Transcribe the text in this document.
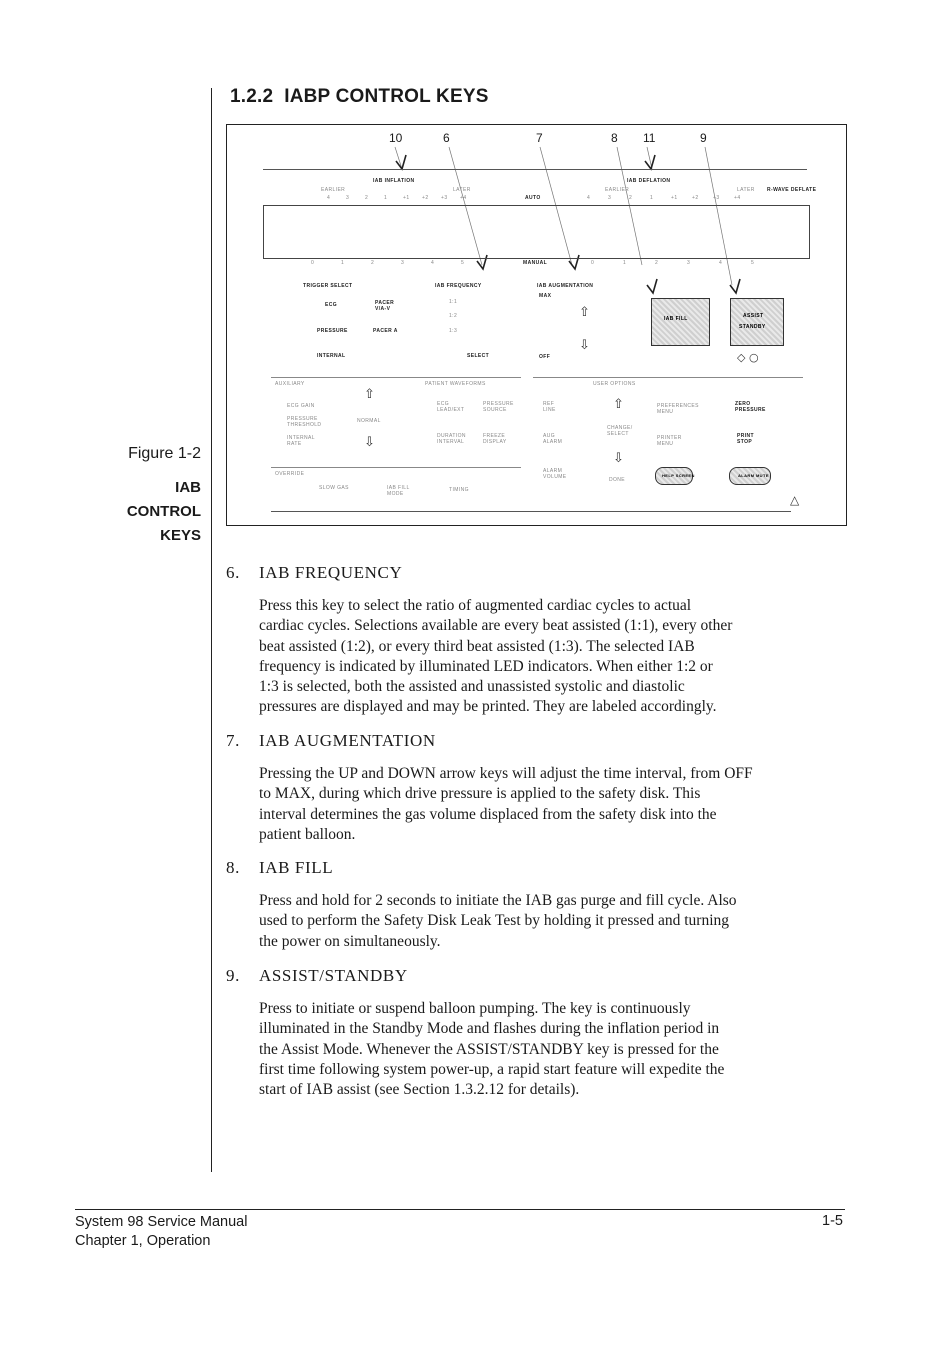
1.2.2 IABP CONTROL KEYS
Figure 1-2
IAB CONTROL KEYS
10	6	7	8 11	9
IAB INFLATION	IAB DEFLATION
EARLIER	LATER	EARLIER	LATER R-WAVE DEFLATE
AUTO
MANUAL
TRIGGER SELECT	IAB FREQUENCY	IAB AUGMENTATION
MAX
OFF
ECG	PACER V/A-V
PRESSURE	PACER A
INTERNAL
1:1
1:2
1:3
SELECT
⇧
⇩
IAB FILL	ASSIST
STANDBY
◇ ○
AUXILIARY	PATIENT WAVEFORMS	USER OPTIONS
⇧
⇩
ECG GAIN
PRESSURE THRESHOLD
INTERNAL RATE
NORMAL
ECG LEAD/EXT
PRESSURE SOURCE
DURATION INTERVAL
FREEZE DISPLAY
REF LINE
AUG ALARM
ALARM VOLUME
⇧
CHANGE/ SELECT
⇩
DONE
PREFERENCES MENU
PRINTER MENU
ZERO PRESSURE
PRINT STOP
HELP SCREEN	ALARM MUTE
OVERRIDE
SLOW GAS	IAB FILL MODE
TIMING
△
4	3	2	1	+1 +2 +3 +4	4	3	2	1	+1	+2	+3	+4
0	1	2	3	4	5	0	1	2	3	4	5
6. IAB FREQUENCY
Press this key to select the ratio of augmented cardiac cycles to actual
cardiac cycles. Selections available are every beat assisted (1:1), every other
beat assisted (1:2), or every third beat assisted (1:3). The selected IAB
frequency is indicated by illuminated LED indicators. When either 1:2 or
1:3 is selected, both the assisted and unassisted systolic and diastolic
pressures are displayed and may be printed. They are labeled accordingly.
7. IAB AUGMENTATION
Pressing the UP and DOWN arrow keys will adjust the time interval, from OFF
to MAX, during which drive pressure is applied to the safety disk. This
interval determines the gas volume displaced from the safety disk into the
patient balloon.
8. IAB FILL
Press and hold for 2 seconds to initiate the IAB gas purge and fill cycle. Also
used to perform the Safety Disk Leak Test by holding it pressed and turning
the power on simultaneously.
9. ASSIST/STANDBY
Press to initiate or suspend balloon pumping. The key is continuously
illuminated in the Standby Mode and flashes during the inflation period in
the Assist Mode. Whenever the ASSIST/STANDBY key is pressed for the
first time following system power-up, a rapid start feature will expedite the
start of IAB assist (see Section 1.3.2.12 for details).
System 98 Service Manual
Chapter 1, Operation
1-5
